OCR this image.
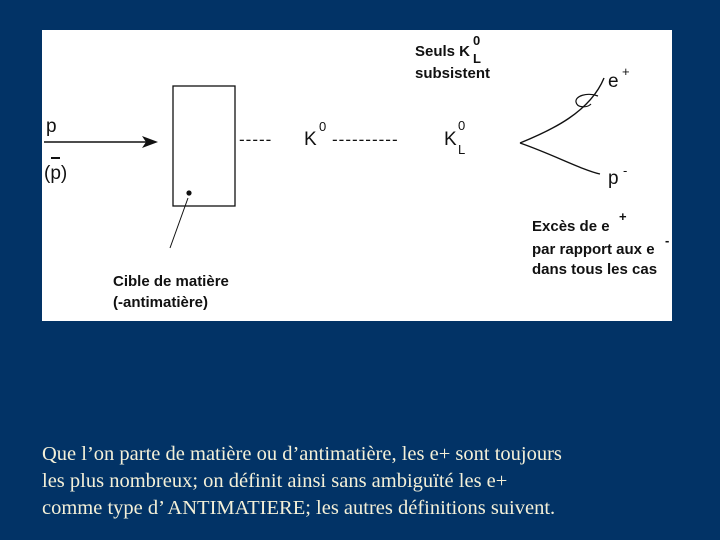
p
(p)
----- K
0
---------- K
0
L
Seuls K
0
L
subsistent	e +
p -
Excès de e
+
par rapport aux e
-
dans tous les cas
Cible de matière
(-antimatière)

Que l’on parte de matière ou d’antimatière, les e+ sont toujours
les plus nombreux; on définit ainsi sans ambiguïté les e+
comme type d’ ANTIMATIERE; les autres définitions suivent.
